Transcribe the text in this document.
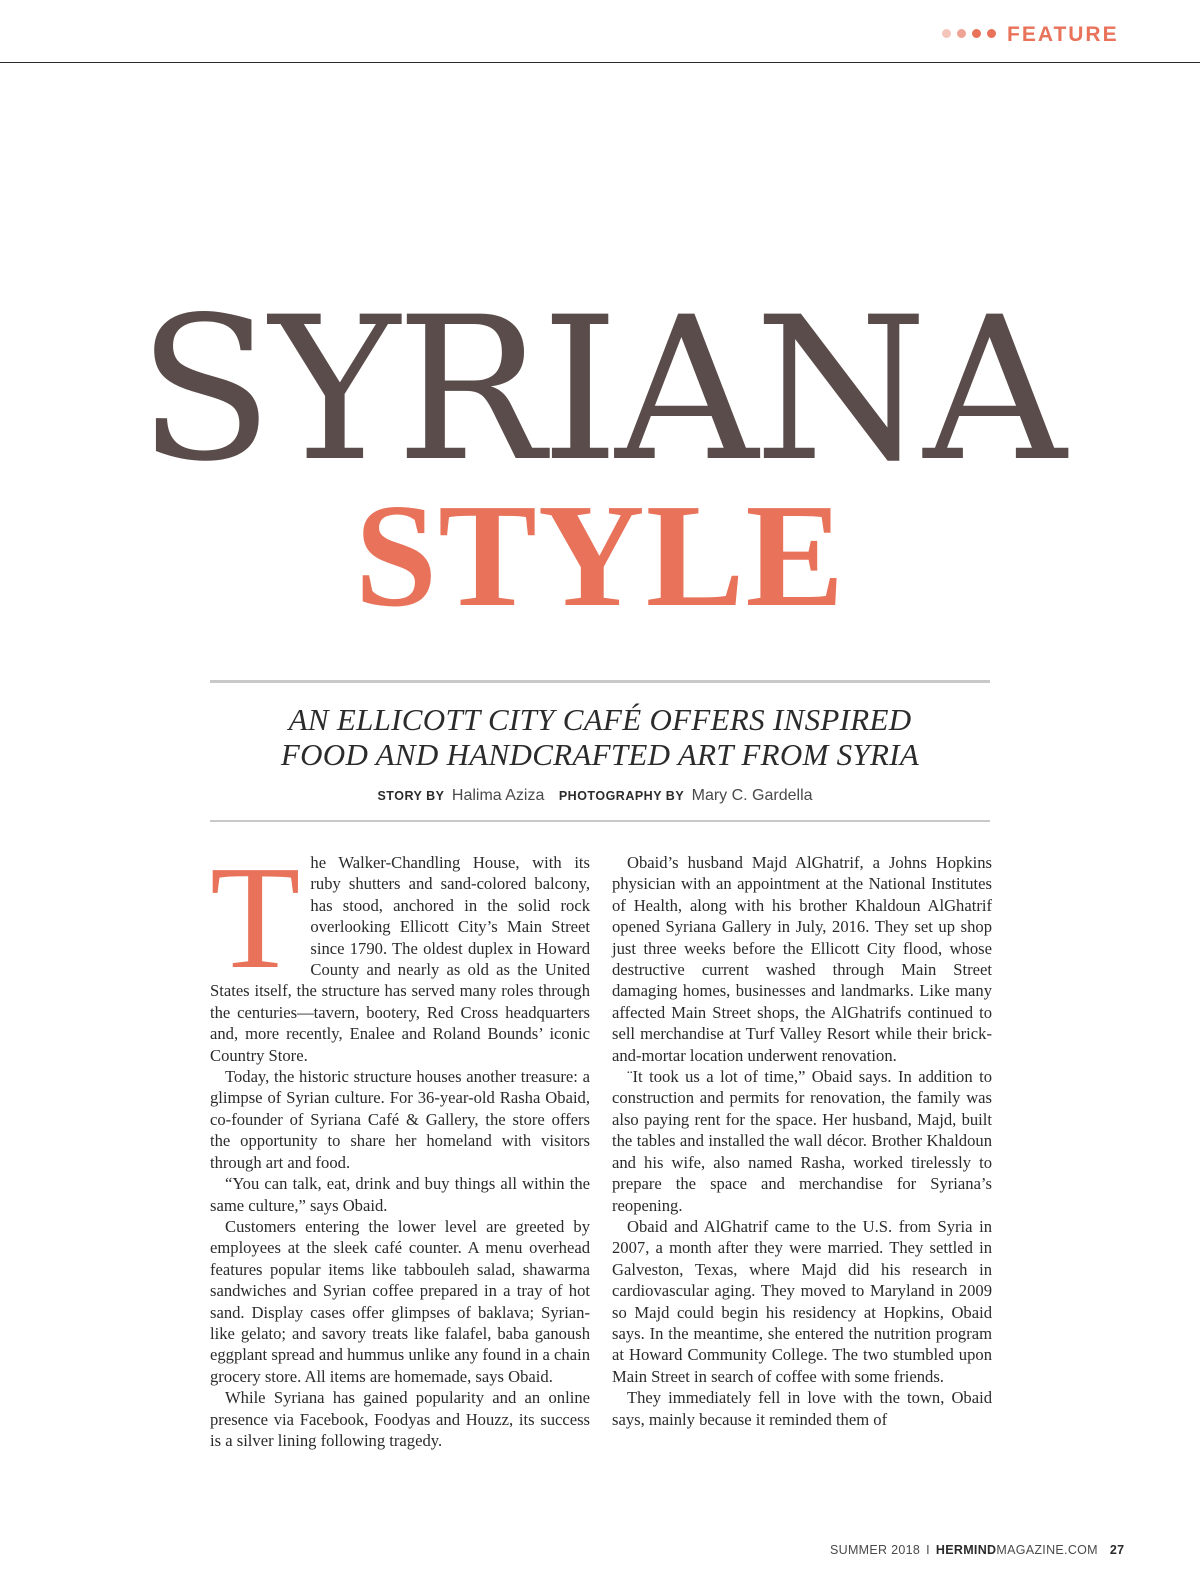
FEATURE
SYRIANA
STYLE
AN ELLICOTT CITY CAFÉ OFFERS INSPIRED
FOOD AND HANDCRAFTED ART FROM SYRIA
STORY BY Halima Aziza PHOTOGRAPHY BY Mary C. Gardella

The Walker-Chandling House, with its ruby shutters and sand-colored balcony, has stood, anchored in the solid rock overlooking Ellicott City’s Main Street since 1790. The oldest duplex in Howard County and nearly as old as the United States itself, the structure has served many roles through the centuries—tavern, bootery, Red Cross headquarters and, more recently, Enalee and Roland Bounds’ iconic Country Store.

Today, the historic structure houses another treasure: a glimpse of Syrian culture. For 36-year-old Rasha Obaid, co-founder of Syriana Café & Gallery, the store offers the opportunity to share her homeland with visitors through art and food.

“You can talk, eat, drink and buy things all within the same culture,” says Obaid.

Customers entering the lower level are greeted by employees at the sleek café counter. A menu overhead features popular items like tabbouleh salad, shawarma sandwiches and Syrian coffee prepared in a tray of hot sand. Display cases offer glimpses of baklava; Syrian-like gelato; and savory treats like falafel, baba ganoush eggplant spread and hummus unlike any found in a chain grocery store. All items are homemade, says Obaid.

While Syriana has gained popularity and an online presence via Facebook, Foodyas and Houzz, its success is a silver lining following tragedy.

Obaid’s husband Majd AlGhatrif, a Johns Hopkins physician with an appointment at the National Institutes of Health, along with his brother Khaldoun AlGhatrif opened Syriana Gallery in July, 2016. They set up shop just three weeks before the Ellicott City flood, whose destructive current washed through Main Street damaging homes, businesses and landmarks. Like many affected Main Street shops, the AlGhatrifs continued to sell merchandise at Turf Valley Resort while their brick-and-mortar location underwent renovation.

¨It took us a lot of time,” Obaid says. In addition to construction and permits for renovation, the family was also paying rent for the space. Her husband, Majd, built the tables and installed the wall décor. Brother Khaldoun and his wife, also named Rasha, worked tirelessly to prepare the space and merchandise for Syriana’s reopening.

Obaid and AlGhatrif came to the U.S. from Syria in 2007, a month after they were married. They settled in Galveston, Texas, where Majd did his research in cardiovascular aging. They moved to Maryland in 2009 so Majd could begin his residency at Hopkins, Obaid says. In the meantime, she entered the nutrition program at Howard Community College. The two stumbled upon Main Street in search of coffee with some friends.

They immediately fell in love with the town, Obaid says, mainly because it reminded them of

SUMMER 2018 I HERMINDMAGAZINE.COM 27
